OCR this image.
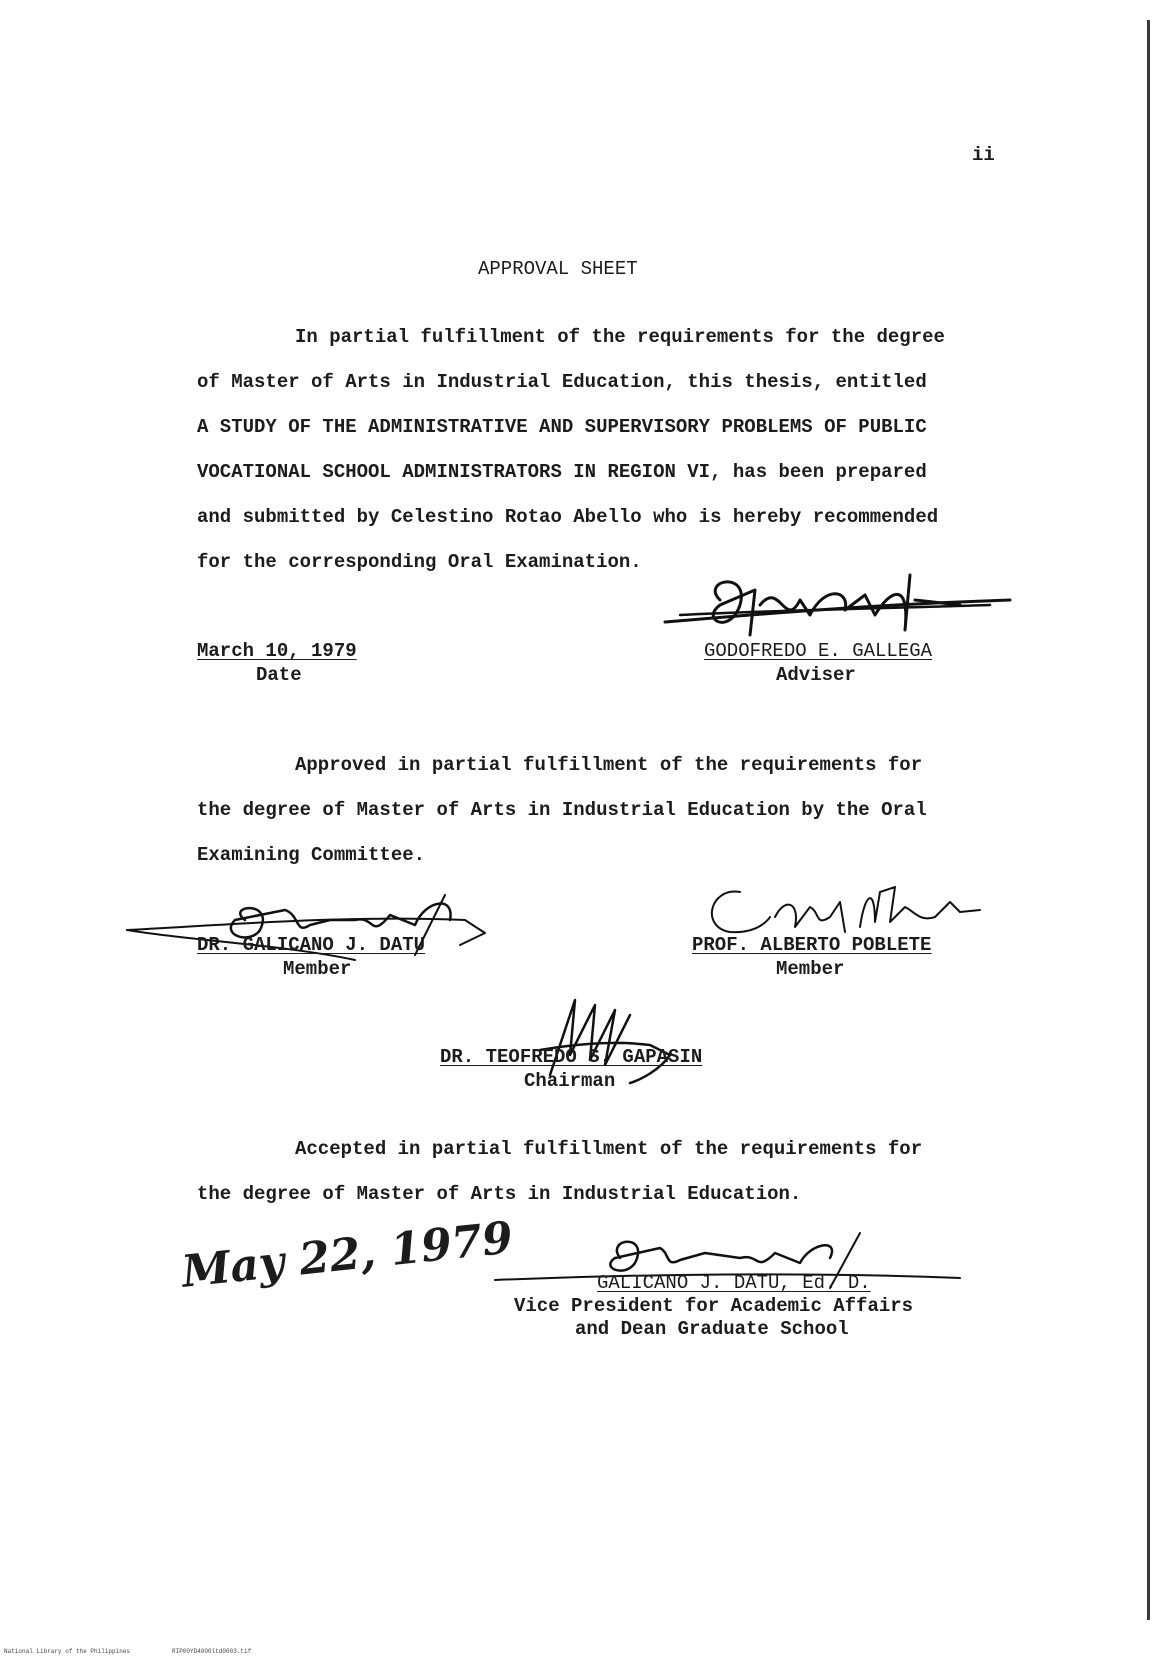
ii
APPROVAL SHEET
In partial fulfillment of the requirements for the degree
of Master of Arts in Industrial Education, this thesis, entitled
A STUDY OF THE ADMINISTRATIVE AND SUPERVISORY PROBLEMS OF PUBLIC
VOCATIONAL SCHOOL ADMINISTRATORS IN REGION VI, has been prepared
and submitted by Celestino Rotao Abello who is hereby recommended
for the corresponding Oral Examination.
March 10, 1979
Date
GODOFREDO E. GALLEGA
Adviser
Approved in partial fulfillment of the requirements for
the degree of Master of Arts in Industrial Education by the Oral
Examining Committee.
DR. GALICANO J. DATU
Member
PROF. ALBERTO POBLETE
Member
DR. TEOFREDO S. GAPASIN
Chairman
Accepted in partial fulfillment of the requirements for
the degree of Master of Arts in Industrial Education.
May 22, 1979	GALICANO J. DATU, Ed. D.
Vice President for Academic Affairs
and Dean Graduate School
National Library of the Philippines	RIP00YD4000ltd0003.tif
